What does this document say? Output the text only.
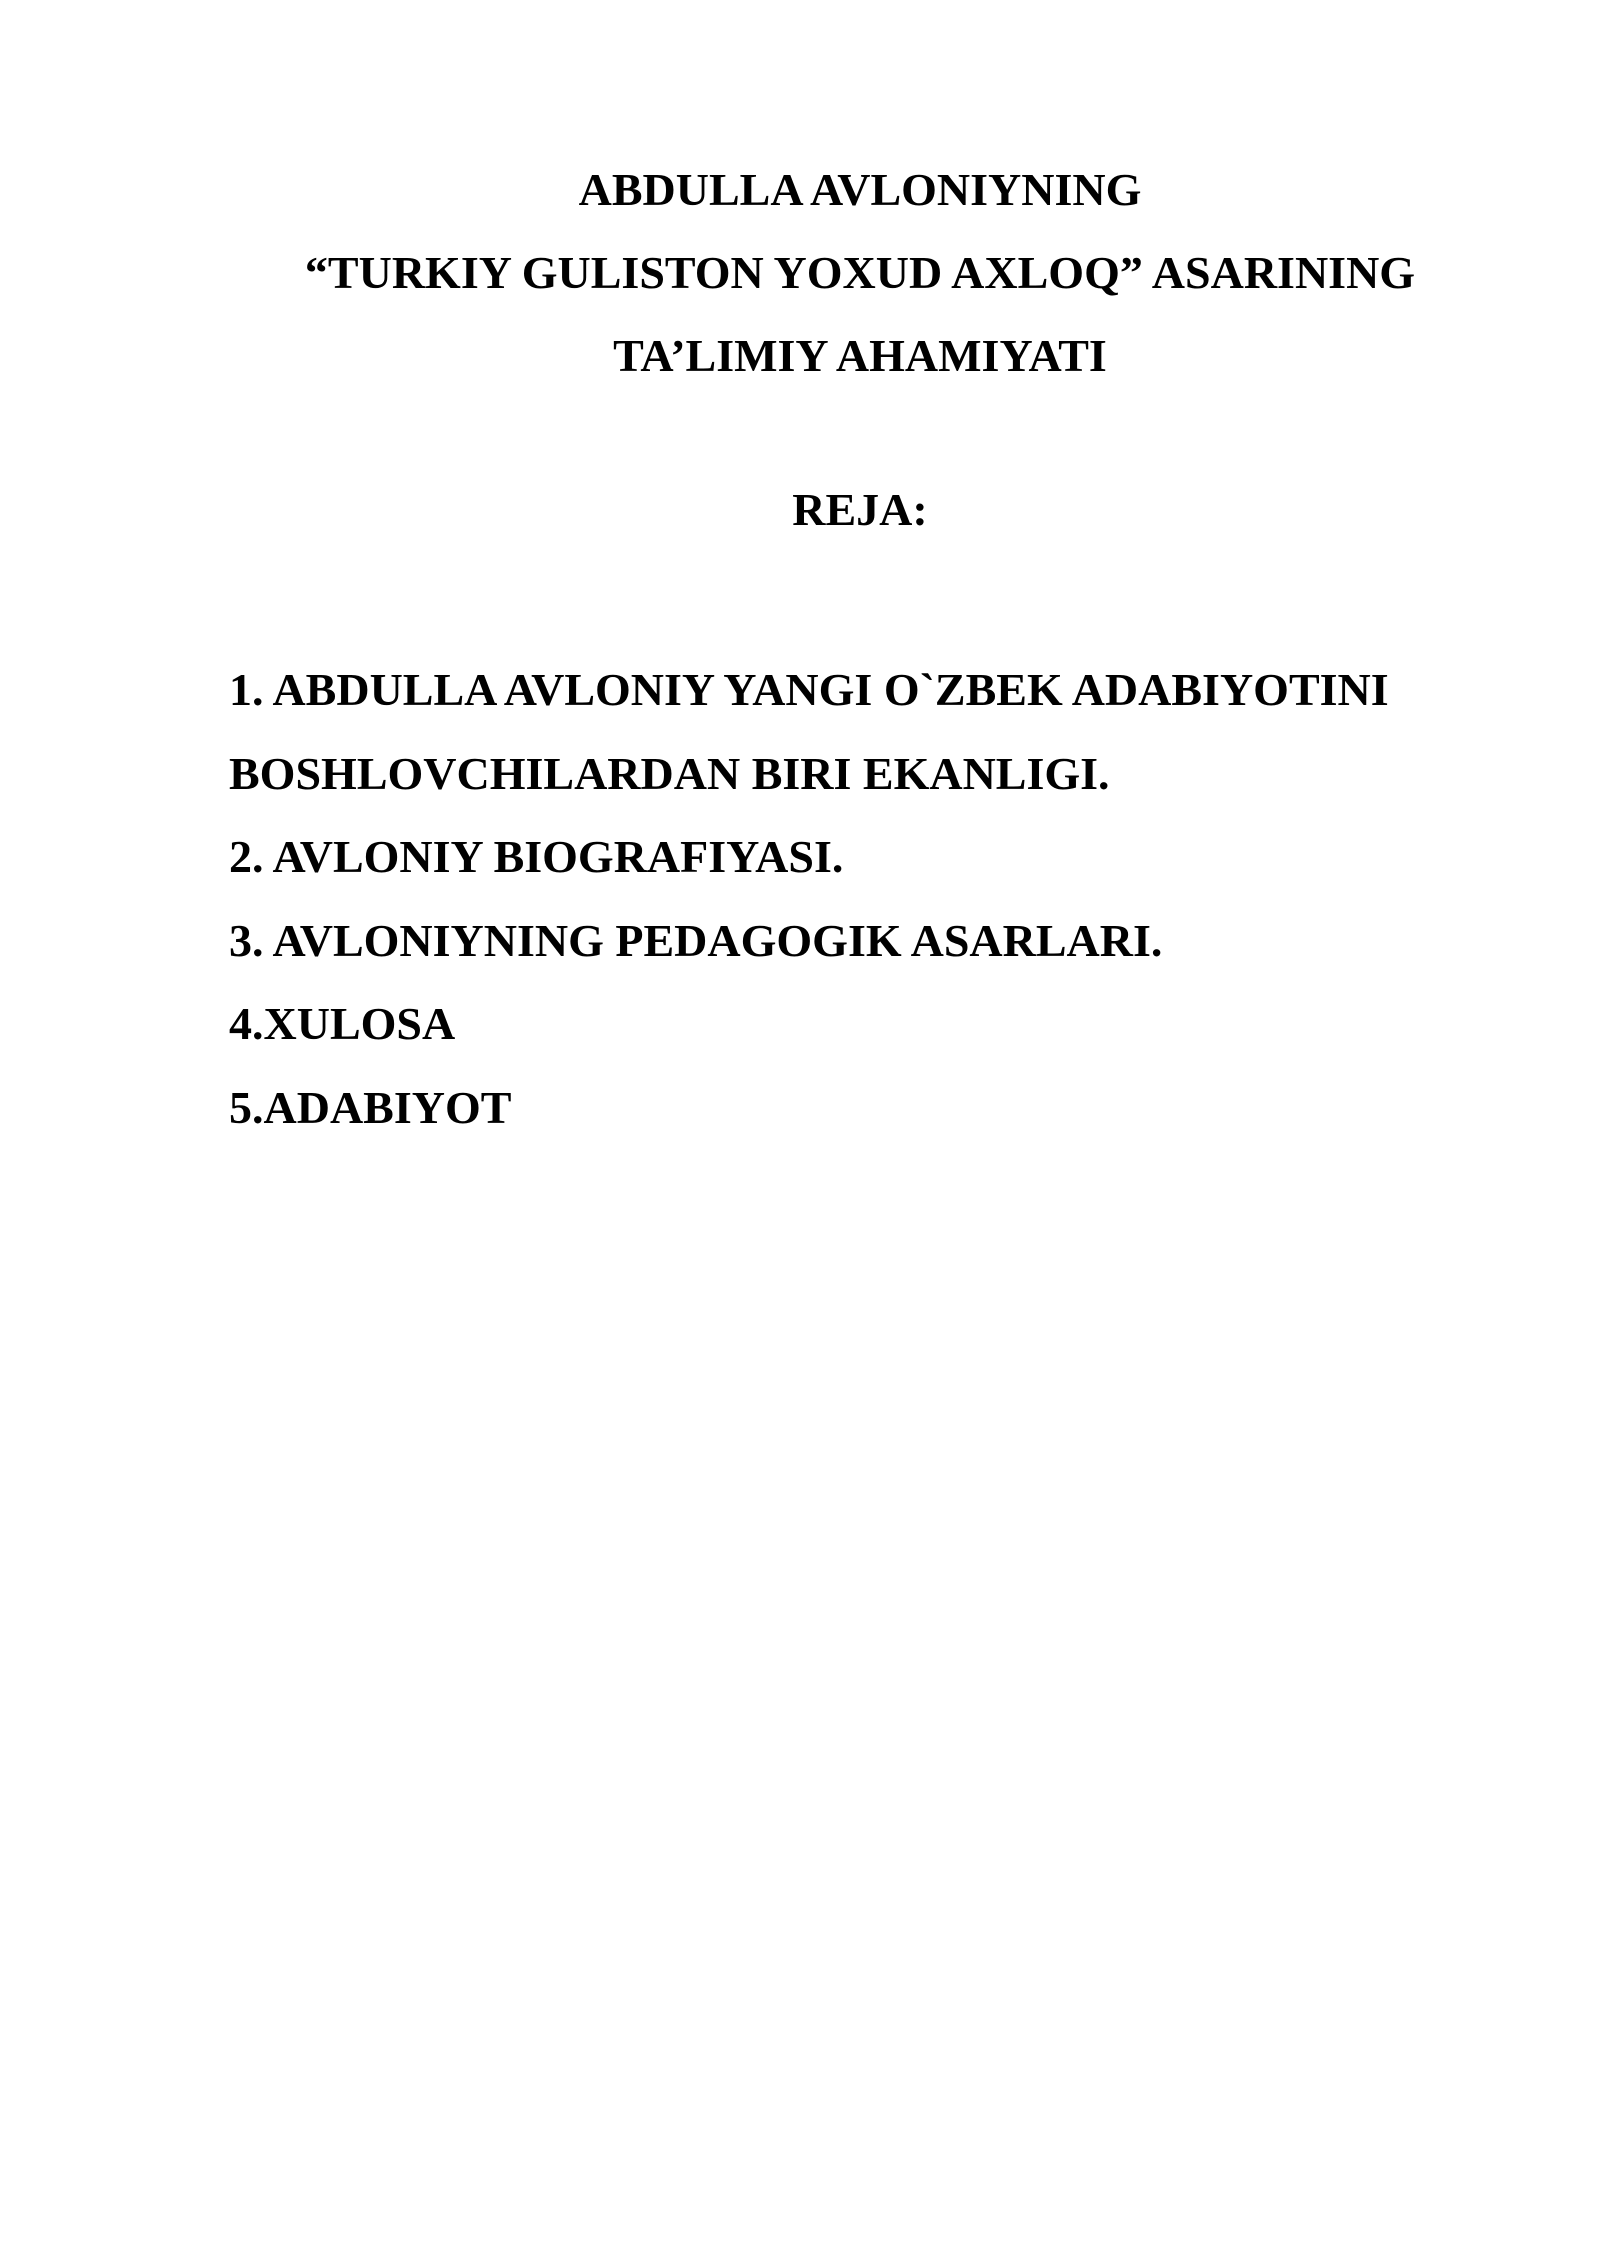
ABDULLA AVLONIYNING
“TURKIY GULISTON YOXUD AXLOQ” ASARINING
TA’LIMIY AHAMIYATI
REJA:
1. ABDULLA AVLONIY YANGI O`ZBEK ADABIYOTINI
BOSHLOVCHILARDAN BIRI EKANLIGI.
2. AVLONIY BIOGRAFIYASI.
3. AVLONIYNING PEDAGOGIK ASARLARI.
4.XULOSA
5.ADABIYOT
